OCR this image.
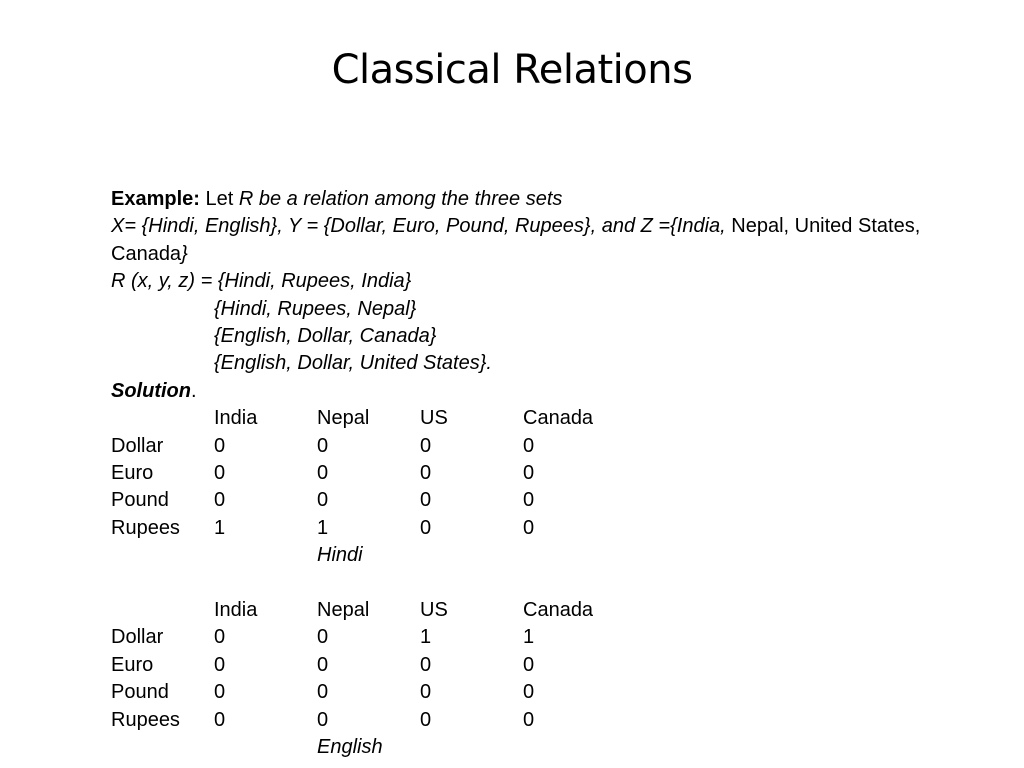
Classical Relations
Example: Let R be a relation among the three sets
X= {Hindi, English}, Y = {Dollar, Euro, Pound, Rupees}, and Z ={India, Nepal, United States, Canada}
R (x, y, z) = {Hindi, Rupees, India}
{Hindi, Rupees, Nepal}
{English, Dollar, Canada}
{English, Dollar, United States}.
Solution.
	India	Nepal	US	Canada
Dollar	0	0	0	0
Euro	0	0	0	0
Pound	0	0	0	0
Rupees	1	1	0	0
		Hindi		
	India	Nepal	US	Canada
Dollar	0	0	1	1
Euro	0	0	0	0
Pound	0	0	0	0
Rupees	0	0	0	0
		English		
